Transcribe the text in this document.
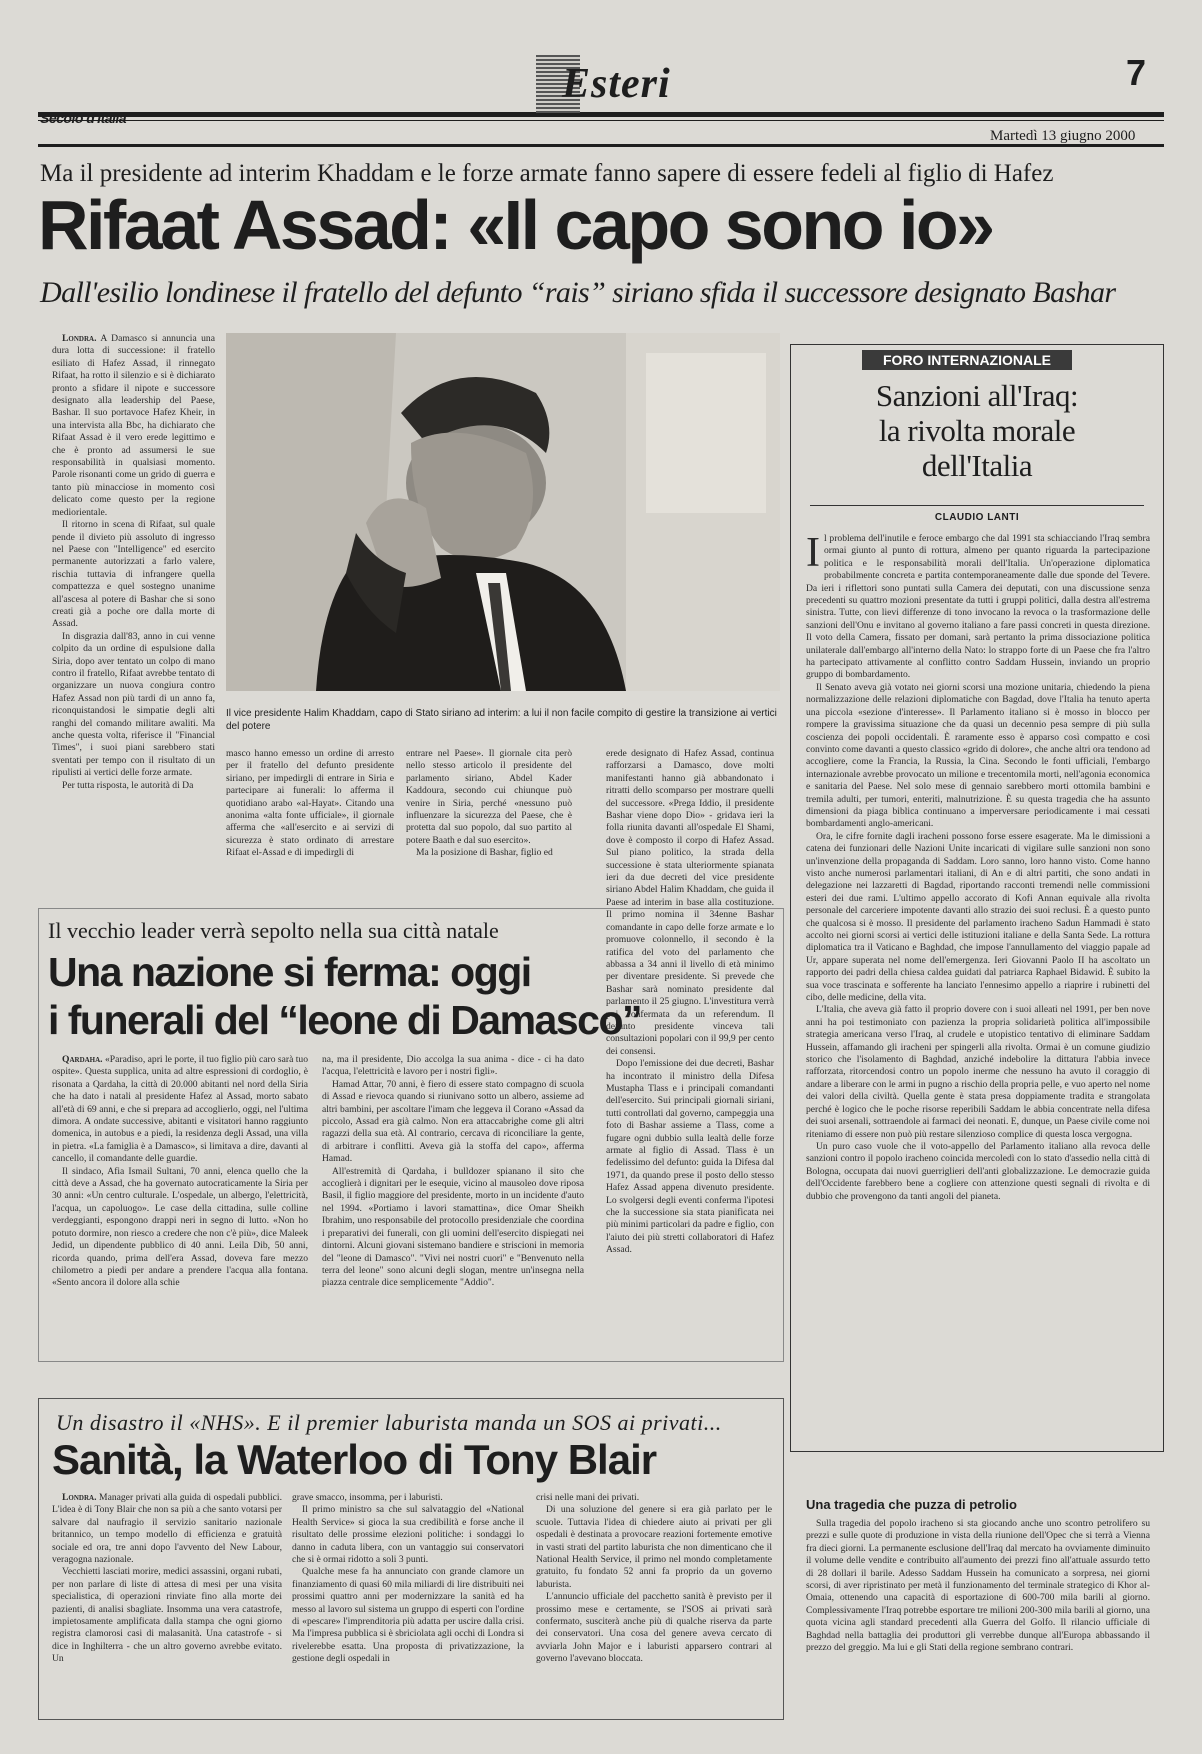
Esteri	7
Secolo d'Italia
Martedì 13 giugno 2000
Ma il presidente ad interim Khaddam e le forze armate fanno sapere di essere fedeli al figlio di Hafez
Rifaat Assad: «Il capo sono io»
Dall'esilio londinese il fratello del defunto “rais” siriano sfida il successore designato Bashar

Londra. A Damasco si annuncia una dura lotta di successione: il fratello esiliato di Hafez Assad, il rinnegato Rifaat, ha rotto il silenzio e si è dichiarato pronto a sfidare il nipote e successore designato alla leadership del Paese, Bashar. Il suo portavoce Hafez Kheir, in una intervista alla Bbc, ha dichiarato che Rifaat Assad è il vero erede legittimo e che è pronto ad assumersi le sue responsabilità in qualsiasi momento. Parole risonanti come un grido di guerra e tanto più minacciose in momento così delicato come questo per la regione mediorientale.

Il ritorno in scena di Rifaat, sul quale pende il divieto più assoluto di ingresso nel Paese con "Intelligence" ed esercito permanente autorizzati a farlo valere, rischia tuttavia di infrangere quella compattezza e quel sostegno unanime all'ascesa al potere di Bashar che si sono creati già a poche ore dalla morte di Assad.

In disgrazia dall'83, anno in cui venne colpito da un ordine di espulsione dalla Siria, dopo aver tentato un colpo di mano contro il fratello, Rifaat avrebbe tentato di organizzare un nuova congiura contro Hafez Assad non più tardi di un anno fa, riconquistandosi le simpatie degli alti ranghi del comando militare awaliti. Ma anche questa volta, riferisce il "Financial Times", i suoi piani sarebbero stati sventati per tempo con il risultato di un ripulisti ai vertici delle forze armate.

Per tutta risposta, le autorità di Da

Il vice presidente Halim Khaddam, capo di Stato siriano ad interim: a lui il non facile compito di gestire la transizione ai vertici del potere

masco hanno emesso un ordine di arresto per il fratello del defunto presidente siriano, per impedirgli di entrare in Siria e partecipare ai funerali: lo afferma il quotidiano arabo «al-Hayat». Citando una anonima «alta fonte ufficiale», il giornale afferma che «all'esercito e ai servizi di sicurezza è stato ordinato di arrestare Rifaat el-Assad e di impedirgli di

entrare nel Paese». Il giornale cita però nello stesso articolo il presidente del parlamento siriano, Abdel Kader Kaddoura, secondo cui chiunque può venire in Siria, perché «nessuno può influenzare la sicurezza del Paese, che è protetta dal suo popolo, dal suo partito al potere Baath e dal suo esercito».

Ma la posizione di Bashar, figlio ed

erede designato di Hafez Assad, continua rafforzarsi a Damasco, dove molti manifestanti hanno già abbandonato i ritratti dello scomparso per mostrare quelli del successore. «Prega Iddio, il presidente Bashar viene dopo Dio» - gridava ieri la folla riunita davanti all'ospedale El Shami, dove è composto il corpo di Hafez Assad. Sul piano politico, la strada della successione è stata ulteriormente spianata ieri da due decreti del vice presidente siriano Abdel Halim Khaddam, che guida il Paese ad interim in base alla costituzione. Il primo nomina il 34enne Bashar comandante in capo delle forze armate e lo promuove colonnello, il secondo è la ratifica del voto del parlamento che abbassa a 34 anni il livello di età minimo per diventare presidente. Si prevede che Bashar sarà nominato presidente dal parlamento il 25 giugno. L'investitura verrà poi confermata da un referendum. Il defunto presidente vinceva tali consultazioni popolari con il 99,9 per cento dei consensi.

Dopo l'emissione dei due decreti, Bashar ha incontrato il ministro della Difesa Mustapha Tlass e i principali comandanti dell'esercito. Sui principali giornali siriani, tutti controllati dal governo, campeggia una foto di Bashar assieme a Tlass, come a fugare ogni dubbio sulla lealtà delle forze armate al figlio di Assad. Tlass è un fedelissimo del defunto: guida la Difesa dal 1971, da quando prese il posto dello stesso Hafez Assad appena divenuto presidente. Lo svolgersi degli eventi conferma l'ipotesi che la successione sia stata pianificata nei più minimi particolari da padre e figlio, con l'aiuto dei più stretti collaboratori di Hafez Assad.

FORO INTERNAZIONALE
Sanzioni all'Iraq:
la rivolta morale
dell'Italia
CLAUDIO LANTI

Il problema dell'inutile e feroce embargo che dal 1991 sta schiacciando l'Iraq sembra ormai giunto al punto di rottura, almeno per quanto riguarda la partecipazione politica e le responsabilità morali dell'Italia. Un'operazione diplomatica probabilmente concreta e partita contemporaneamente dalle due sponde del Tevere. Da ieri i riflettori sono puntati sulla Camera dei deputati, con una discussione senza precedenti su quattro mozioni presentate da tutti i gruppi politici, dalla destra all'estrema sinistra. Tutte, con lievi differenze di tono invocano la revoca o la trasformazione delle sanzioni dell'Onu e invitano al governo italiano a fare passi concreti in questa direzione. Il voto della Camera, fissato per domani, sarà pertanto la prima dissociazione politica unilaterale dall'embargo all'interno della Nato: lo strappo forte di un Paese che fra l'altro ha partecipato attivamente al conflitto contro Saddam Hussein, inviando un proprio gruppo di bombardamento.

Il Senato aveva già votato nei giorni scorsi una mozione unitaria, chiedendo la piena normalizzazione delle relazioni diplomatiche con Bagdad, dove l'Italia ha tenuto aperta una piccola «sezione d'interesse». Il Parlamento italiano si è mosso in blocco per rompere la gravissima situazione che da quasi un decennio pesa sempre di più sulla coscienza dei popoli occidentali. È raramente esso è apparso così compatto e così convinto come davanti a questo classico «grido di dolore», che anche altri ora tendono ad accogliere, come la Francia, la Russia, la Cina. Secondo le fonti ufficiali, l'embargo internazionale avrebbe provocato un milione e trecentomila morti, nell'agonia economica e sanitaria del Paese. Nel solo mese di gennaio sarebbero morti ottomila bambini e tremila adulti, per tumori, enteriti, malnutrizione. È su questa tragedia che ha assunto dimensioni da piaga biblica continuano a imperversare periodicamente i mai cessati bombardamenti anglo-americani.

Ora, le cifre fornite dagli iracheni possono forse essere esagerate. Ma le dimissioni a catena dei funzionari delle Nazioni Unite incaricati di vigilare sulle sanzioni non sono un'invenzione della propaganda di Saddam. Loro sanno, loro hanno visto. Come hanno visto anche numerosi parlamentari italiani, di An e di altri partiti, che sono andati in delegazione nei lazzaretti di Bagdad, riportando racconti tremendi nelle commissioni esteri dei due rami. L'ultimo appello accorato di Kofi Annan equivale alla rivolta personale del carceriere impotente davanti allo strazio dei suoi reclusi. È a questo punto che qualcosa si è mosso. Il presidente del parlamento iracheno Sadun Hammadi è stato accolto nei giorni scorsi ai vertici delle istituzioni italiane e della Santa Sede. La rottura diplomatica tra il Vaticano e Baghdad, che impose l'annullamento del viaggio papale ad Ur, appare superata nel nome dell'emergenza. Ieri Giovanni Paolo II ha ascoltato un rapporto dei padri della chiesa caldea guidati dal patriarca Raphael Bidawid. È subito la sua voce trascinata e sofferente ha lanciato l'ennesimo appello a riaprire i rubinetti del cibo, delle medicine, della vita.

L'Italia, che aveva già fatto il proprio dovere con i suoi alleati nel 1991, per ben nove anni ha poi testimoniato con pazienza la propria solidarietà politica all'impossibile strategia americana verso l'Iraq, al crudele e utopistico tentativo di eliminare Saddam Hussein, affamando gli iracheni per spingerli alla rivolta. Ormai è un comune giudizio storico che l'isolamento di Baghdad, anziché indebolire la dittatura l'abbia invece rafforzata, ritorcendosi contro un popolo inerme che nessuno ha avuto il coraggio di andare a liberare con le armi in pugno a rischio della propria pelle, e vuo aperto nel nome dei valori della civiltà. Quella gente è stata presa doppiamente tradita e strangolata perché è logico che le poche risorse reperibili Saddam le abbia concentrate nella difesa dei suoi arsenali, sottraendole ai farmaci dei neonati. E, dunque, un Paese civile come noi riteniamo di essere non può più restare silenzioso complice di questa losca vergogna.

Un puro caso vuole che il voto-appello del Parlamento italiano alla revoca delle sanzioni contro il popolo iracheno coincida mercoledì con lo stato d'assedio nella città di Bologna, occupata dai nuovi guerriglieri dell'anti globalizzazione. Le democrazie guida dell'Occidente farebbero bene a cogliere con attenzione questi segnali di rivolta e di dubbio che provengono da tanti angoli del pianeta.

Una tragedia che puzza di petrolio

Sulla tragedia del popolo iracheno si sta giocando anche uno scontro petrolifero su prezzi e sulle quote di produzione in vista della riunione dell'Opec che si terrà a Vienna fra dieci giorni. La permanente esclusione dell'Iraq dal mercato ha ovviamente diminuito il volume delle vendite e contribuito all'aumento dei prezzi fino all'attuale assurdo tetto di 28 dollari il barile. Adesso Saddam Hussein ha comunicato a sorpresa, nei giorni scorsi, di aver ripristinato per metà il funzionamento del terminale strategico di Khor al-Omaia, ottenendo una capacità di esportazione di 600-700 mila barili al giorno. Complessivamente l'Iraq potrebbe esportare tre milioni 200-300 mila barili al giorno, una quota vicina agli standard precedenti alla Guerra del Golfo. Il rilancio ufficiale di Baghdad nella battaglia dei produttori gli verrebbe dunque all'Europa abbassando il prezzo del greggio. Ma lui e gli Stati della regione sembrano contrari.

Il vecchio leader verrà sepolto nella sua città natale
Una nazione si ferma: oggi
i funerali del “leone di Damasco”

Qardaha. «Paradiso, apri le porte, il tuo figlio più caro sarà tuo ospite». Questa supplica, unita ad altre espressioni di cordoglio, è risonata a Qardaha, la città di 20.000 abitanti nel nord della Siria che ha dato i natali al presidente Hafez al Assad, morto sabato all'età di 69 anni, e che si prepara ad accoglierlo, oggi, nel l'ultima dimora. A ondate successive, abitanti e visitatori hanno raggiunto domenica, in autobus e a piedi, la residenza degli Assad, una villa in pietra. «La famiglia è a Damasco», si limitava a dire, davanti al cancello, il comandante delle guardie.

Il sindaco, Afia Ismail Sultani, 70 anni, elenca quello che la città deve a Assad, che ha governato autocraticamente la Siria per 30 anni: «Un centro culturale. L'ospedale, un albergo, l'elettricità, l'acqua, un capoluogo». Le case della cittadina, sulle colline verdeggianti, espongono drappi neri in segno di lutto. «Non ho potuto dormire, non riesco a credere che non c'è più», dice Maleek Jedid, un dipendente pubblico di 40 anni. Leila Dib, 50 anni, ricorda quando, prima dell'era Assad, doveva fare mezzo chilometro a piedi per andare a prendere l'acqua alla fontana. «Sento ancora il dolore alla schie

na, ma il presidente, Dio accolga la sua anima - dice - ci ha dato l'acqua, l'elettricità e lavoro per i nostri figli».

Hamad Attar, 70 anni, è fiero di essere stato compagno di scuola di Assad e rievoca quando si riunivano sotto un albero, assieme ad altri bambini, per ascoltare l'imam che leggeva il Corano «Assad da piccolo, Assad era già calmo. Non era attaccabrighe come gli altri ragazzi della sua età. Al contrario, cercava di riconciliare la gente, di arbitrare i conflitti. Aveva già la stoffa del capo», afferma Hamad.

All'estremità di Qardaha, i bulldozer spianano il sito che accoglierà i dignitari per le esequie, vicino al mausoleo dove riposa Basil, il figlio maggiore del presidente, morto in un incidente d'auto nel 1994. «Portiamo i lavori stamattina», dice Omar Sheikh Ibrahim, uno responsabile del protocollo presidenziale che coordina i preparativi dei funerali, con gli uomini dell'esercito dispiegati nei dintorni. Alcuni giovani sistemano bandiere e striscioni in memoria del "leone di Damasco". "Vivi nei nostri cuori" e "Benvenuto nella terra del leone" sono alcuni degli slogan, mentre un'insegna nella piazza centrale dice semplicemente "Addio".

Un disastro il «NHS». E il premier laburista manda un SOS ai privati...
Sanità, la Waterloo di Tony Blair

Londra. Manager privati alla guida di ospedali pubblici. L'idea è di Tony Blair che non sa più a che santo votarsi per salvare dal naufragio il servizio sanitario nazionale britannico, un tempo modello di efficienza e gratuità sociale ed ora, tre anni dopo l'avvento del New Labour, veragogna nazionale.

Vecchietti lasciati morire, medici assassini, organi rubati, per non parlare di liste di attesa di mesi per una visita specialistica, di operazioni rinviate fino alla morte dei pazienti, di analisi sbagliate. Insomma una vera catastrofe, impietosamente amplificata dalla stampa che ogni giorno registra clamorosi casi di malasanità. Una catastrofe - si dice in Inghilterra - che un altro governo avrebbe evitato. Un

grave smacco, insomma, per i laburisti.

Il primo ministro sa che sul salvataggio del «National Health Service» si gioca la sua credibilità e forse anche il risultato delle prossime elezioni politiche: i sondaggi lo danno in caduta libera, con un vantaggio sui conservatori che si è ormai ridotto a soli 3 punti.

Qualche mese fa ha annunciato con grande clamore un finanziamento di quasi 60 mila miliardi di lire distribuiti nei prossimi quattro anni per modernizzare la sanità ed ha messo al lavoro sul sistema un gruppo di esperti con l'ordine di «pescare» l'imprenditoria più adatta per uscire dalla crisi. Ma l'impresa pubblica si è sbriciolata agli occhi di Londra si rivelerebbe esatta. Una proposta di privatizzazione, la gestione degli ospedali in

crisi nelle mani dei privati.

Di una soluzione del genere si era già parlato per le scuole. Tuttavia l'idea di chiedere aiuto ai privati per gli ospedali è destinata a provocare reazioni fortemente emotive in vasti strati del partito laburista che non dimenticano che il National Health Service, il primo nel mondo completamente gratuito, fu fondato 52 anni fa proprio da un governo laburista.

L'annuncio ufficiale del pacchetto sanità è previsto per il prossimo mese e certamente, se l'SOS ai privati sarà confermato, susciterà anche più di qualche riserva da parte dei conservatori. Una cosa del genere aveva cercato di avviarla John Major e i laburisti apparsero contrari al governo l'avevano bloccata.
